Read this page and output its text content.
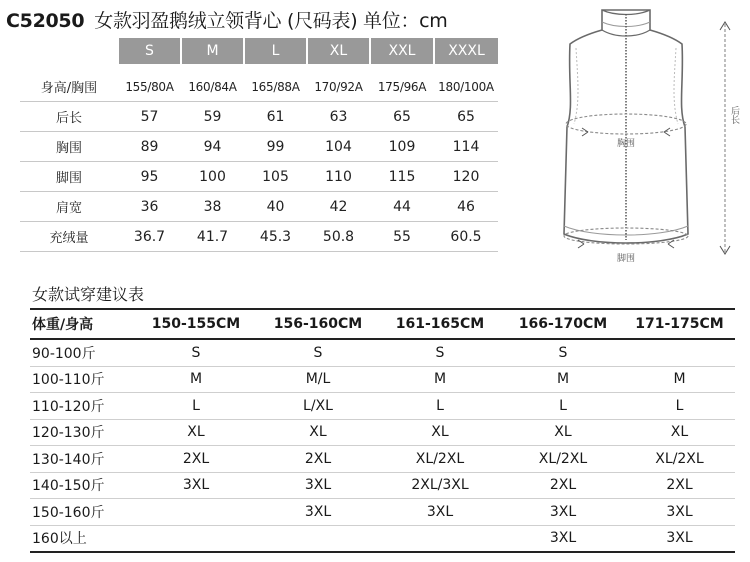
C52050 女款羽盈鹅绒立领背心 (尺码表) 单位：cm
	S	M	L	XL	XXL	XXXL

身高/胸围	155/80A	160/84A	165/88A	170/92A	175/96A	180/100A
后长	57	59	61	63	65	65
胸围	89	94	99	104	109	114
脚围	95	100	105	110	115	120
肩宽	36	38	40	42	44	46
充绒量	36.7	41.7	45.3	50.8	55	60.5
胸围
脚围
后长
女款试穿建议表
体重/身高	150-155CM	156-160CM	161-165CM	166-170CM	171-175CM
90-100斤	S	S	S	S	
100-110斤	M	M/L	M	M	M
110-120斤	L	L/XL	L	L	L
120-130斤	XL	XL	XL	XL	XL
130-140斤	2XL	2XL	XL/2XL	XL/2XL	XL/2XL
140-150斤	3XL	3XL	2XL/3XL	2XL	2XL
150-160斤		3XL	3XL	3XL	3XL
160以上				3XL	3XL
